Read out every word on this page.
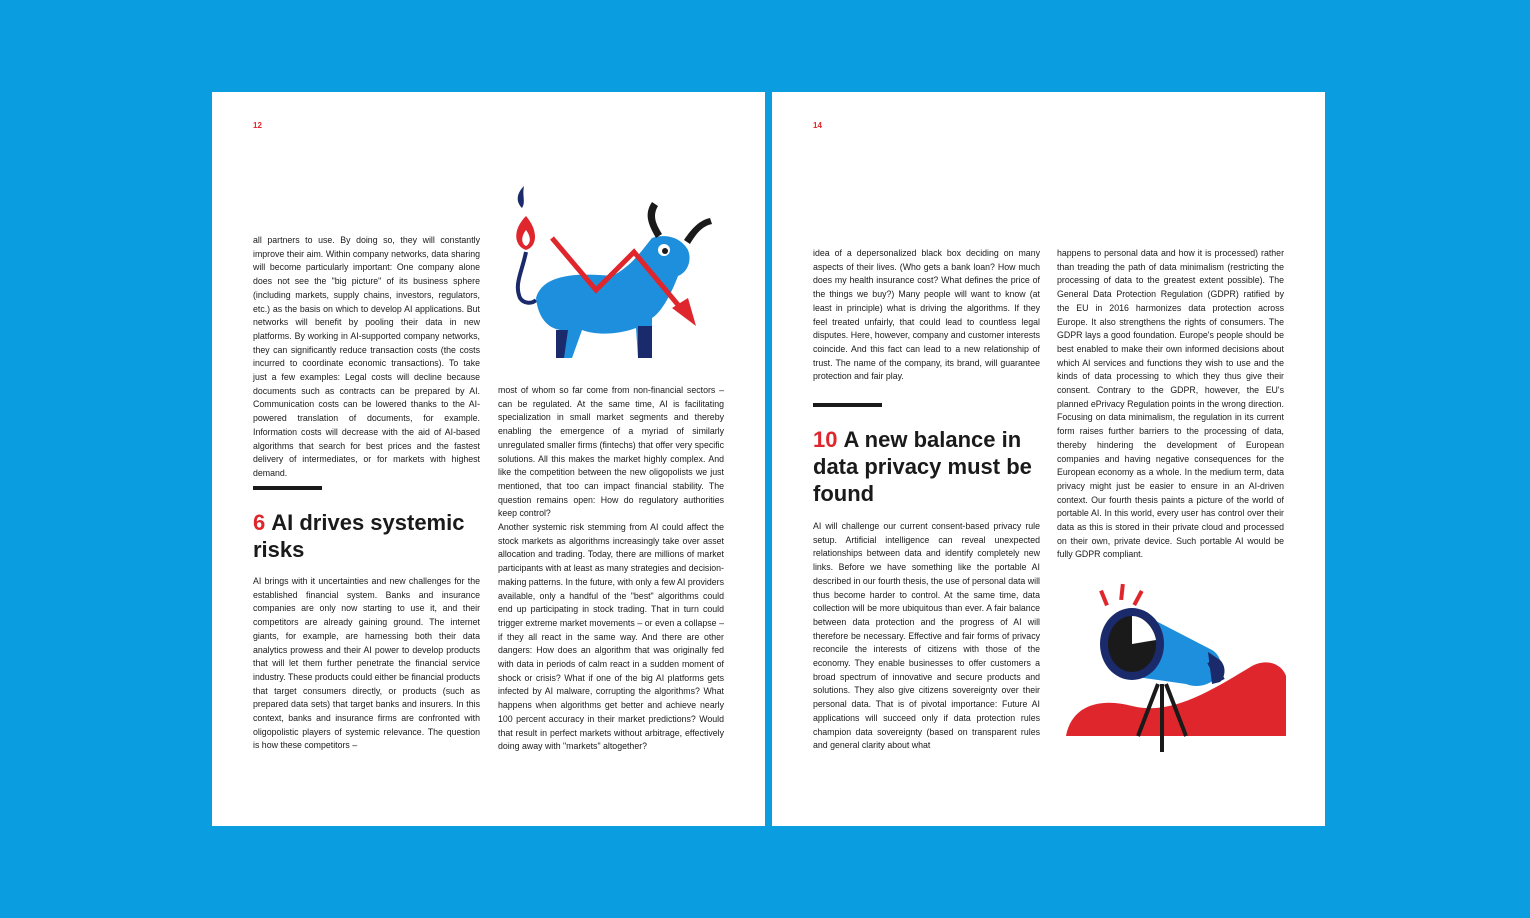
12

all partners to use. By doing so, they will constantly improve their aim. Within company networks, data sharing will become particularly important: One company alone does not see the "big picture" of its business sphere (including markets, supply chains, investors, regulators, etc.) as the basis on which to develop AI applications. But networks will benefit by pooling their data in new platforms. By working in AI-supported company networks, they can significantly reduce transaction costs (the costs incurred to coordinate economic transactions). To take just a few examples: Legal costs will decline because documents such as contracts can be prepared by AI. Communication costs can be lowered thanks to the AI-powered translation of documents, for example. Information costs will decrease with the aid of AI-based algorithms that search for best prices and the fastest delivery of intermediates, or for markets with highest demand.

6 AI drives systemic risks

AI brings with it uncertainties and new challenges for the established financial system. Banks and insurance companies are only now starting to use it, and their competitors are already gaining ground. The internet giants, for example, are harnessing both their data analytics prowess and their AI power to develop products that will let them further penetrate the financial service industry. These products could either be financial products that target consumers directly, or products (such as prepared data sets) that target banks and insurers. In this context, banks and insurance firms are confronted with oligopolistic players of systemic relevance. The question is how these competitors –

most of whom so far come from non-financial sectors – can be regulated. At the same time, AI is facilitating specialization in small market segments and thereby enabling the emergence of a myriad of similarly unregulated smaller firms (fintechs) that offer very specific solutions. All this makes the market highly complex. And like the competition between the new oligopolists we just mentioned, that too can impact financial stability. The question remains open: How do regulatory authorities keep control?

Another systemic risk stemming from AI could affect the stock markets as algorithms increasingly take over asset allocation and trading. Today, there are millions of market participants with at least as many strategies and decision-making patterns. In the future, with only a few AI providers available, only a handful of the "best" algorithms could end up participating in stock trading. That in turn could trigger extreme market movements – or even a collapse – if they all react in the same way. And there are other dangers: How does an algorithm that was originally fed with data in periods of calm react in a sudden moment of shock or crisis? What if one of the big AI platforms gets infected by AI malware, corrupting the algorithms? What happens when algorithms get better and achieve nearly 100 percent accuracy in their market predictions? Would that result in perfect markets without arbitrage, effectively doing away with "markets" altogether?

14

idea of a depersonalized black box deciding on many aspects of their lives. (Who gets a bank loan? How much does my health insurance cost? What defines the price of the things we buy?) Many people will want to know (at least in principle) what is driving the algorithms. If they feel treated unfairly, that could lead to countless legal disputes. Here, however, company and customer interests coincide. And this fact can lead to a new relationship of trust. The name of the company, its brand, will guarantee protection and fair play.

10 A new balance in data privacy must be found

AI will challenge our current consent-based privacy rule setup. Artificial intelligence can reveal unexpected relationships between data and identify completely new links. Before we have something like the portable AI described in our fourth thesis, the use of personal data will thus become harder to control. At the same time, data collection will be more ubiquitous than ever. A fair balance between data protection and the progress of AI will therefore be necessary. Effective and fair forms of privacy reconcile the interests of citizens with those of the economy. They enable businesses to offer customers a broad spectrum of innovative and secure products and solutions. They also give citizens sovereignty over their personal data. That is of pivotal importance: Future AI applications will succeed only if data protection rules champion data sovereignty (based on transparent rules and general clarity about what

happens to personal data and how it is processed) rather than treading the path of data minimalism (restricting the processing of data to the greatest extent possible). The General Data Protection Regulation (GDPR) ratified by the EU in 2016 harmonizes data protection across Europe. It also strengthens the rights of consumers. The GDPR lays a good foundation. Europe's people should be best enabled to make their own informed decisions about which AI services and functions they wish to use and the kinds of data processing to which they thus give their consent. Contrary to the GDPR, however, the EU's planned ePrivacy Regulation points in the wrong direction. Focusing on data minimalism, the regulation in its current form raises further barriers to the processing of data, thereby hindering the development of European companies and having negative consequences for the European economy as a whole. In the medium term, data privacy might just be easier to ensure in an AI-driven context. Our fourth thesis paints a picture of the world of portable AI. In this world, every user has control over their data as this is stored in their private cloud and processed on their own, private device. Such portable AI would be fully GDPR compliant.
